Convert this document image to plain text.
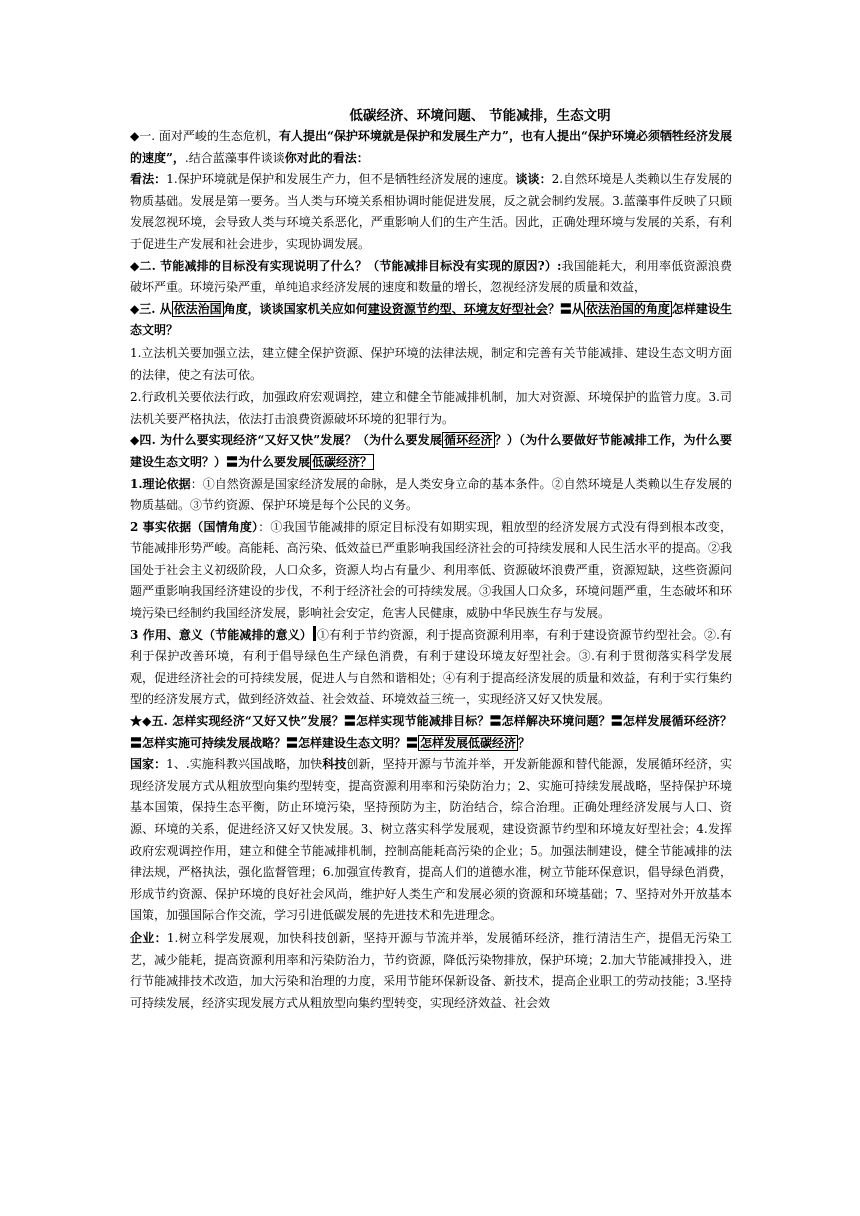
低碳经济、环境问题、 节能减排，生态文明

◆一. 面对严峻的生态危机，有人提出“保护环境就是保护和发展生产力”，也有人提出“保护环境必须牺牲经济发展的速度”，.结合蓝藻事件谈谈你对此的看法：

看法：1.保护环境就是保护和发展生产力，但不是牺牲经济发展的速度。谈谈：2.自然环境是人类赖以生存发展的物质基础。发展是第一要务。当人类与环境关系相协调时能促进发展，反之就会制约发展。3.蓝藻事件反映了只顾发展忽视环境，会导致人类与环境关系恶化，严重影响人们的生产生活。因此，正确处理环境与发展的关系，有利于促进生产发展和社会进步，实现协调发展。

◆二. 节能减排的目标没有实现说明了什么？（节能减排目标没有实现的原因?）:我国能耗大，利用率低资源浪费破坏严重。环境污染严重，单纯追求经济发展的速度和数量的增长，忽视经济发展的质量和效益，

◆三. 从 依法治国 角度，谈谈国家机关应如何建设资源节约型、环境友好型社会？〓从 依法治国的角度 怎样建设生态文明？

1.立法机关要加强立法，建立健全保护资源、保护环境的法律法规，制定和完善有关节能减排、建设生态文明方面的法律，使之有法可依。

2.行政机关要依法行政，加强政府宏观调控，建立和健全节能减排机制，加大对资源、环境保护的监管力度。3.司法机关要严格执法，依法打击浪费资源破坏环境的犯罪行为。

◆四. 为什么要实现经济“又好又快”发展？（为什么要发展 循环经济 ？）（为什么要做好节能减排工作，为什么要建设生态文明？）〓为什么要发展 低碳经济？

1.理论依据：①自然资源是国家经济发展的命脉，是人类安身立命的基本条件。②自然环境是人类赖以生存发展的物质基础。③节约资源、保护环境是每个公民的义务。

2 事实依据（国情角度）：①我国节能减排的原定目标没有如期实现，粗放型的经济发展方式没有得到根本改变，节能减排形势严峻。高能耗、高污染、低效益已严重影响我国经济社会的可持续发展和人民生活水平的提高。②我国处于社会主义初级阶段，人口众多，资源人均占有量少、利用率低、资源破坏浪费严重，资源短缺，这些资源问题严重影响我国经济建设的步伐，不利于经济社会的可持续发展。③我国人口众多，环境问题严重，生态破坏和环境污染已经制约我国经济发展，影响社会安定，危害人民健康，威胁中华民族生存与发展。

3 作用、意义（节能减排的意义） ①有利于节约资源，利于提高资源利用率，有利于建设资源节约型社会。②.有利于保护改善环境，有利于倡导绿色生产绿色消费，有利于建设环境友好型社会。③.有利于贯彻落实科学发展观，促进经济社会的可持续发展，促进人与自然和谐相处；④有利于提高经济发展的质量和效益，有利于实行集约型的经济发展方式，做到经济效益、社会效益、环境效益三统一，实现经济又好又快发展。

★◆五. 怎样实现经济“又好又快”发展？〓怎样实现节能减排目标？〓怎样解决环境问题？〓怎样发展循环经济？〓怎样实施可持续发展战略？〓怎样建设生态文明？〓 怎样发展低碳经济 ？

国家：1、.实施科教兴国战略，加快科技创新，坚持开源与节流并举，开发新能源和替代能源，发展循环经济，实现经济发展方式从粗放型向集约型转变，提高资源利用率和污染防治力；2、实施可持续发展战略，坚持保护环境基本国策，保持生态平衡，防止环境污染，坚持预防为主，防治结合，综合治理。正确处理经济发展与人口、资源、环境的关系，促进经济又好又快发展。3、树立落实科学发展观，建设资源节约型和环境友好型社会；4.发挥政府宏观调控作用，建立和健全节能减排机制，控制高能耗高污染的企业；5。加强法制建设，健全节能减排的法律法规，严格执法，强化监督管理；6.加强宣传教育，提高人们的道德水准，树立节能环保意识，倡导绿色消费，形成节约资源、保护环境的良好社会风尚，维护好人类生产和发展必须的资源和环境基础；7、坚持对外开放基本国策，加强国际合作交流，学习引进低碳发展的先进技术和先进理念。

企业：1.树立科学发展观，加快科技创新，坚持开源与节流并举，发展循环经济，推行清洁生产，提倡无污染工艺，减少能耗，提高资源利用率和污染防治力，节约资源，降低污染物排放，保护环境；2.加大节能减排投入，进行节能减排技术改造，加大污染和治理的力度，采用节能环保新设备、新技术，提高企业职工的劳动技能；3.坚持可持续发展，经济实现发展方式从粗放型向集约型转变，实现经济效益、社会效
